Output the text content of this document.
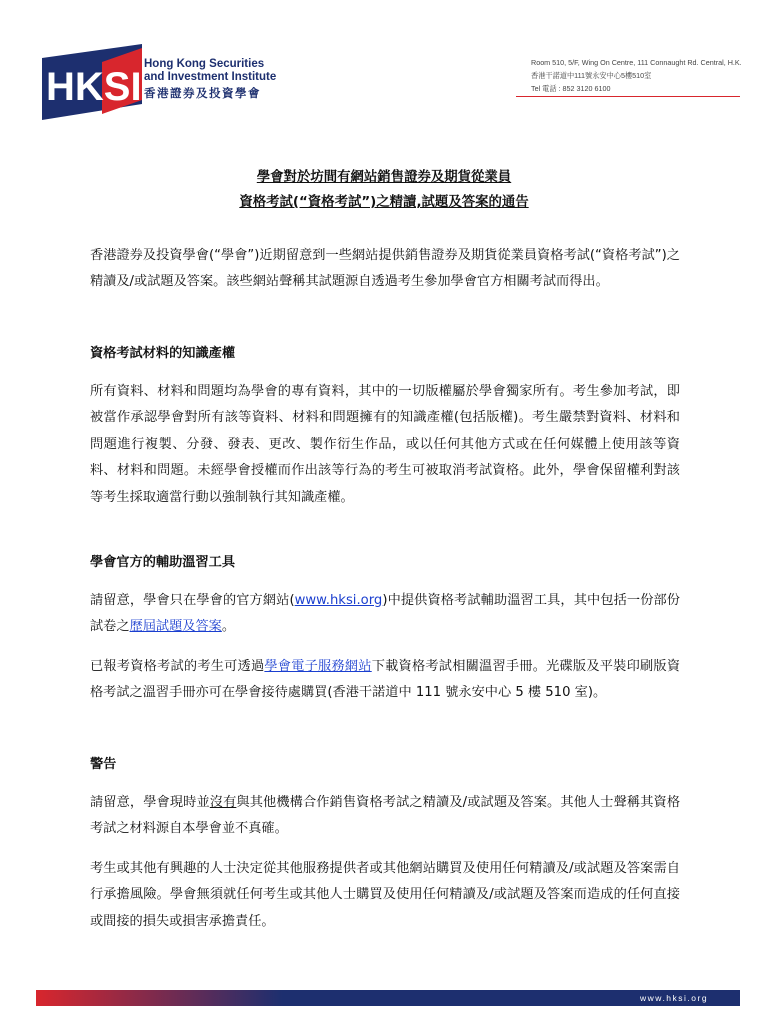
HKSI
Hong Kong Securities
and Investment Institute
香港證券及投資學會
Room 510, 5/F, Wing On Centre, 111 Connaught Rd. Central, H.K.
香港干諾道中111號永安中心5樓510室
Tel 電話 : 852 3120 6100
學會對於坊間有網站銷售證券及期貨從業員
資格考試(“資格考試”)之精讀,試題及答案的通告

香港證券及投資學會(“學會”)近期留意到一些網站提供銷售證券及期貨從業員資格考試(“資格考試”)之精讀及/或試題及答案。該些網站聲稱其試題源自透過考生參加學會官方相關考試而得出。

資格考試材料的知識產權

所有資料、材料和問題均為學會的專有資料，其中的一切版權屬於學會獨家所有。考生參加考試，即被當作承認學會對所有該等資料、材料和問題擁有的知識產權(包括版權)。考生嚴禁對資料、材料和問題進行複製、分發、發表、更改、製作衍生作品，或以任何其他方式或在任何媒體上使用該等資料、材料和問題。未經學會授權而作出該等行為的考生可被取消考試資格。此外，學會保留權利對該等考生採取適當行動以強制執行其知識產權。

學會官方的輔助溫習工具

請留意，學會只在學會的官方網站(www.hksi.org)中提供資格考試輔助溫習工具，其中包括一份部份試卷之歷屆試題及答案。

已報考資格考試的考生可透過學會電子服務網站下載資格考試相關溫習手冊。光碟版及平裝印刷版資格考試之溫習手冊亦可在學會接待處購買(香港干諾道中 111 號永安中心 5 樓 510 室)。

警告

請留意，學會現時並沒有與其他機構合作銷售資格考試之精讀及/或試題及答案。其他人士聲稱其資格考試之材料源自本學會並不真確。

考生或其他有興趣的人士決定從其他服務提供者或其他網站購買及使用任何精讀及/或試題及答案需自行承擔風險。學會無須就任何考生或其他人士購買及使用任何精讀及/或試題及答案而造成的任何直接或間接的損失或損害承擔責任。

www.hksi.org
